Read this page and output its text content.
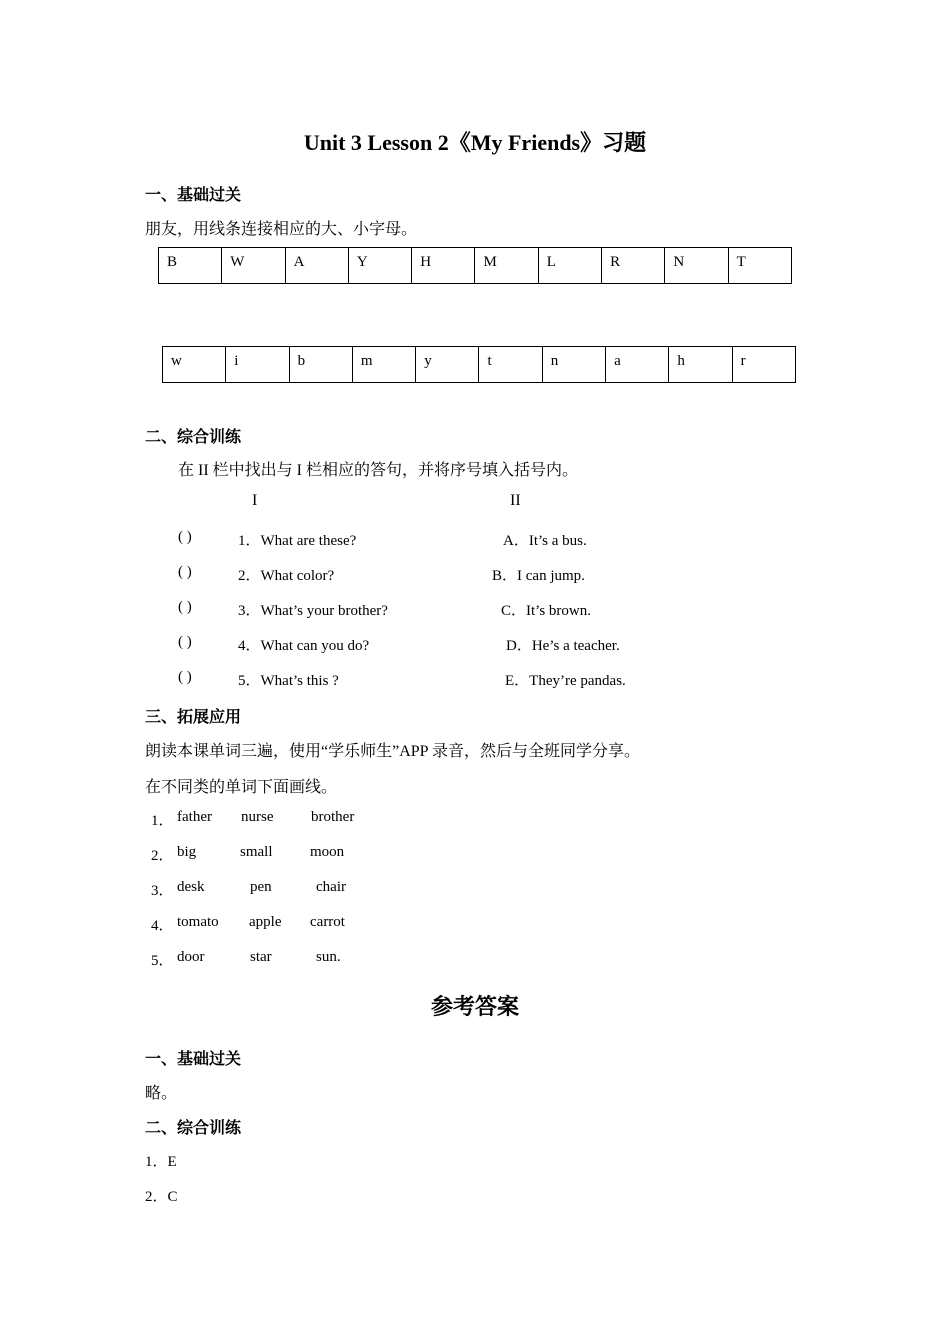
Unit 3 Lesson 2《My Friends》习题
一、基础过关
朋友，用线条连接相应的大、小字母。
B	W	A	Y	H	M	L	R	N	T
w	i	b	m	y	t	n	a	h	r
二、综合训练
在 II 栏中找出与 I 栏相应的答句，并将序号填入括号内。
I	II
( )	1．What are these?	A．It’s a bus.
( )	2．What color?	B．I can jump.
( )	3．What’s your brother?	C．It’s brown.
( )	4．What can you do?	D．He’s a teacher.
( )	5．What’s this ?	E．They’re pandas.
三、拓展应用
朗读本课单词三遍，使用“学乐师生”APP 录音，然后与全班同学分享。
在不同类的单词下面画线。
1． father nurse	brother
2． big	small	moon
3． desk	pen	chair
4． tomato apple carrot
5． door	star	sun.
参考答案
一、基础过关
略。
二、综合训练
1．E
2．C
